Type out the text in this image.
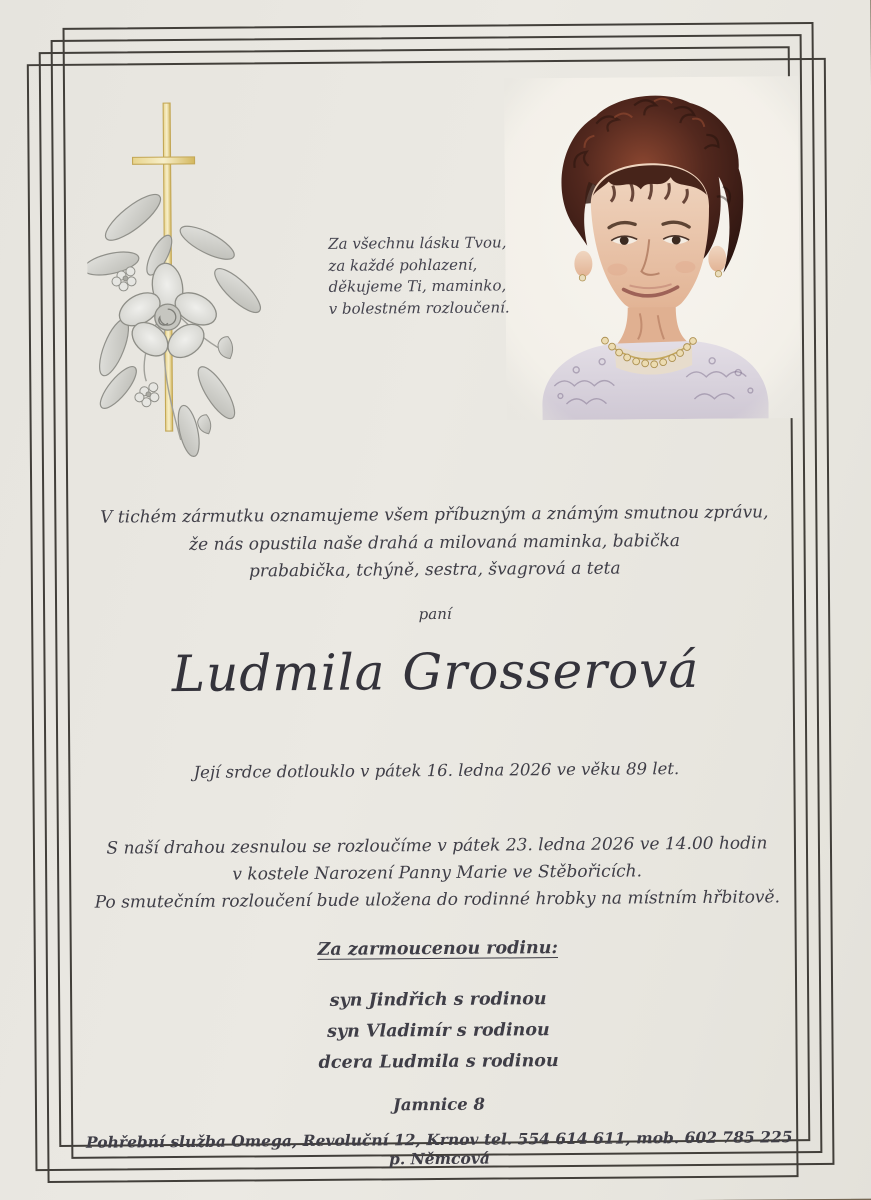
Za všechnu lásku Tvou,
za každé pohlazení,
děkujeme Ti, maminko,
v bolestném rozloučení.
V tichém zármutku oznamujeme všem příbuzným a známým smutnou zprávu,
že nás opustila naše drahá a milovaná maminka, babička
prababička, tchýně, sestra, švagrová a teta
paní
Ludmila Grosserová
Její srdce dotlouklo v pátek 16. ledna 2026 ve věku 89 let.
S naší drahou zesnulou se rozloučíme v pátek 23. ledna 2026 ve 14.00 hodin
v kostele Narození Panny Marie ve Stěbořicích.
Po smutečním rozloučení bude uložena do rodinné hrobky na místním hřbitově.
Za zarmoucenou rodinu:
syn Jindřich s rodinou
syn Vladimír s rodinou
dcera Ludmila s rodinou
Jamnice 8
Pohřební služba Omega, Revoluční 12, Krnov tel. 554 614 611, mob. 602 785 225 p. Němcová
